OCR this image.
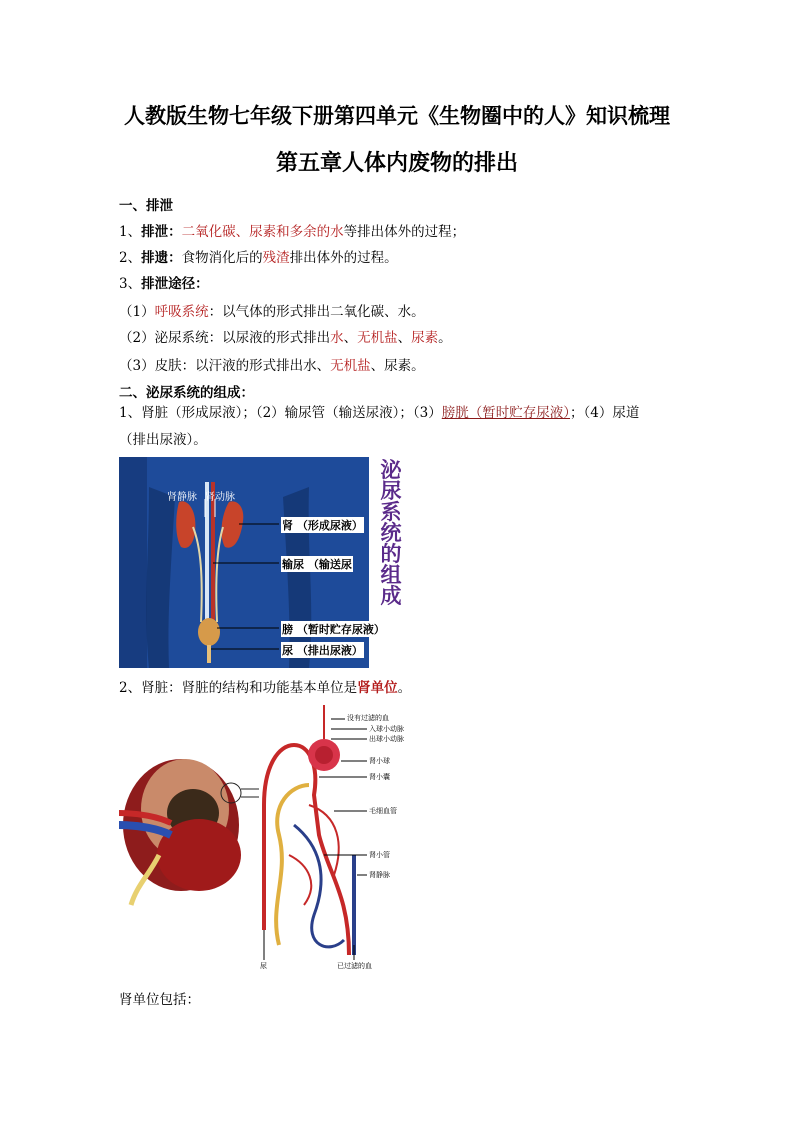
人教版生物七年级下册第四单元《生物圈中的人》知识梳理
第五章人体内废物的排出
一、排泄
1、排泄：二氧化碳、尿素和多余的水等排出体外的过程；
2、排遗：食物消化后的残渣排出体外的过程。
3、排泄途径：
（1）呼吸系统：以气体的形式排出二氧化碳、水。
（2）泌尿系统：以尿液的形式排出水、无机盐、尿素。
（3）皮肤：以汗液的形式排出水、无机盐、尿素。
二、泌尿系统的组成：
1、肾脏（形成尿液）；（2）输尿管（输送尿液）；（3）膀胱（暂时贮存尿液）；（4）尿道
（排出尿液）。
肾静脉 肾动脉
肾 （形成尿液）
输尿 （输送尿
膀 （暂时贮存尿液）
尿 （排出尿液）
泌
尿
系
统
的
组
成
2、肾脏：肾脏的结构和功能基本单位是肾单位。
没有过滤的血
入球小动脉
出球小动脉
肾小球
肾小囊
毛细血管
肾小管
肾静脉
尿	已过滤的血
肾单位包括：
